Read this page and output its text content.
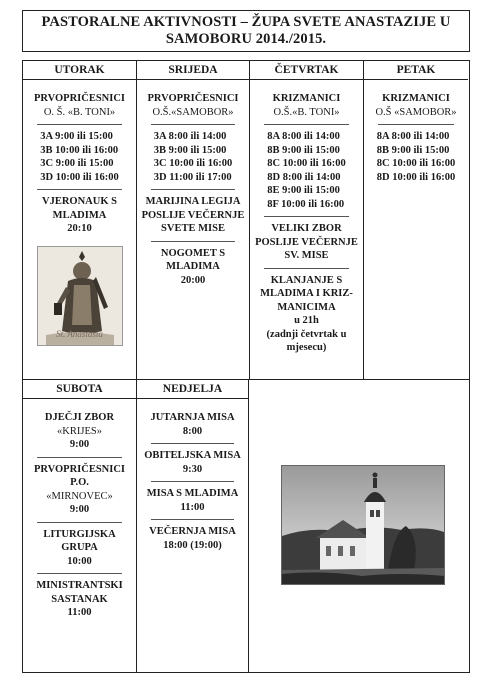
PASTORALNE AKTIVNOSTI – ŽUPA SVETE ANASTAZIJE U
SAMOBORU 2014./2015.
UTORAK
PRVOPRIČESNICI
O. Š. «B. TONI»
3A 9:00 ili 15:00
3B 10:00 ili 16:00
3C 9:00 ili 15:00
3D 10:00 ili 16:00
VJERONAUK S
MLADIMA
20:10
St. Anastasia
SRIJEDA
PRVOPRIČESNICI
O.Š.«SAMOBOR»
3A 8:00 ili 14:00
3B 9:00 ili 15:00
3C 10:00 ili 16:00
3D 11:00 ili 17:00
MARIJINA LEGIJA
POSLIJE VEČERNJE
SVETE MISE
NOGOMET S
MLADIMA
20:00
ČETVRTAK
KRIZMANICI
O.Š.«B. TONI»
8A 8:00 ili 14:00
8B 9:00 ili 15:00
8C 10:00 ili 16:00
8D 8:00 ili 14:00
8E 9:00 ili 15:00
8F 10:00 ili 16:00
VELIKI ZBOR
POSLIJE VEČERNJE
SV. MISE
KLANJANJE S
MLADIMA I KRIZ-
MANICIMA
u 21h
(zadnji četvrtak u
mjesecu)
PETAK
KRIZMANICI
O.Š «SAMOBOR»
8A 8:00 ili 14:00
8B 9:00 ili 15:00
8C 10:00 ili 16:00
8D 10:00 ili 16:00
SUBOTA
DJEČJI ZBOR
«KRIJES»
9:00
PRVOPRIČESNICI
P.O.
«MIRNOVEC»
9:00
LITURGIJSKA
GRUPA
10:00
MINISTRANTSKI
SASTANAK
11:00
NEDJELJA
JUTARNJA MISA
8:00
OBITELJSKA MISA
9:30
MISA S MLADIMA
11:00
VEČERNJA MISA
18:00 (19:00)
